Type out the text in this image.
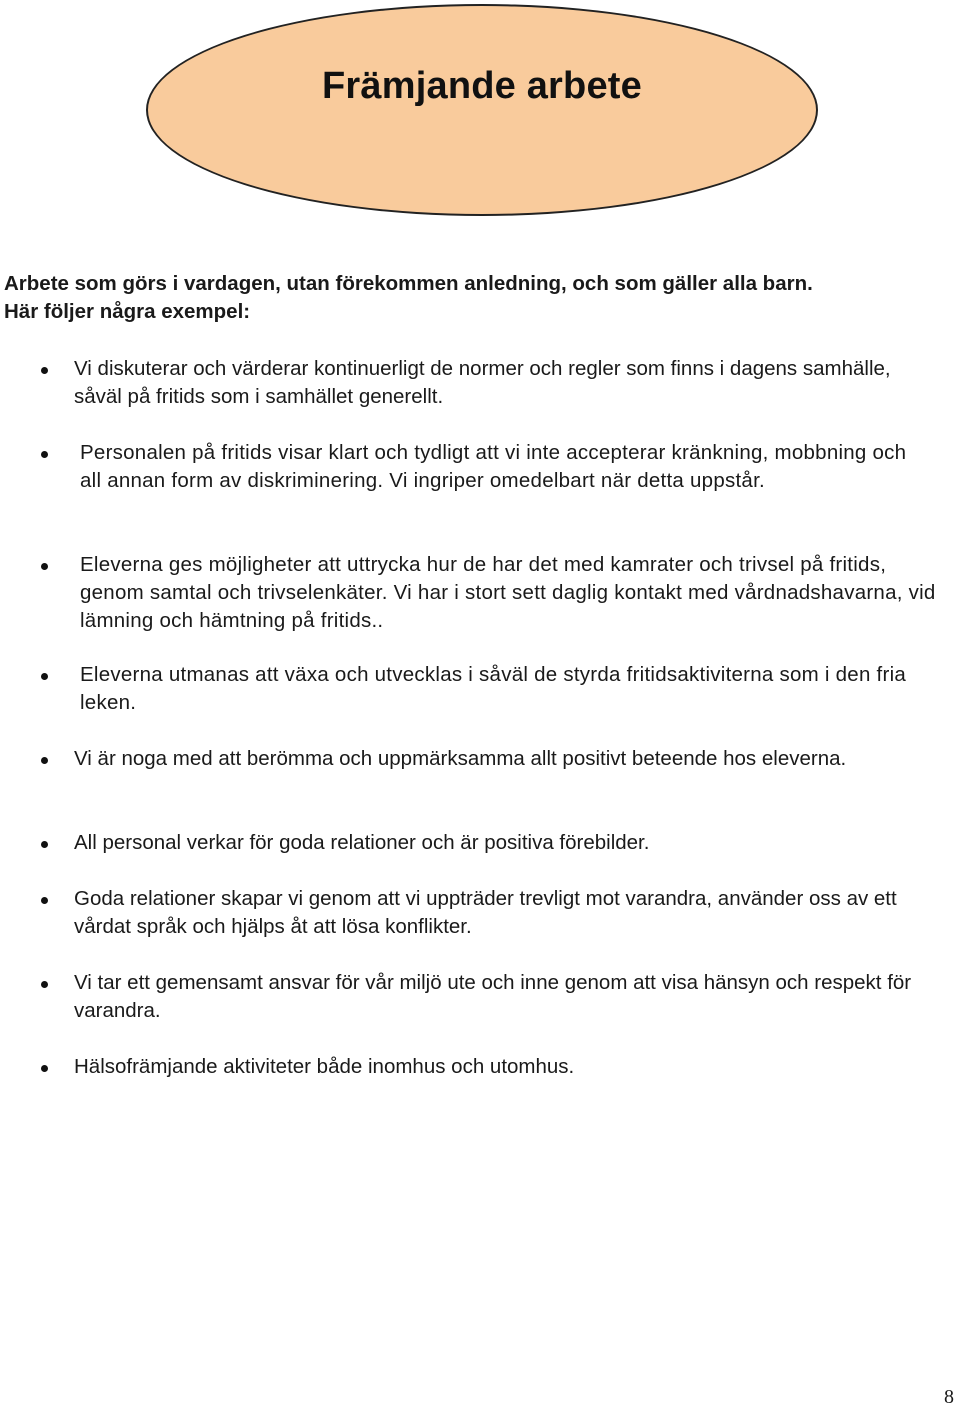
Främjande arbete

Arbete som görs i vardagen, utan förekommen anledning, och som gäller alla barn.
Här följer några exempel:

Vi diskuterar och värderar kontinuerligt de normer och regler som finns i dagens samhälle, såväl på fritids som i samhället generellt.

Personalen på fritids visar klart och tydligt att vi inte accepterar kränkning, mobbning och all annan form av diskriminering. Vi ingriper omedelbart när detta uppstår.

Eleverna ges möjligheter att uttrycka hur de har det med kamrater och trivsel på fritids, genom samtal och trivselenkäter. Vi har i stort sett daglig kontakt med vårdnadshavarna, vid lämning och hämtning på fritids..

Eleverna utmanas att växa och utvecklas i såväl de styrda fritidsaktiviterna som i den fria leken.

Vi är noga med att berömma och uppmärksamma allt positivt beteende hos eleverna.

All personal verkar för goda relationer och är positiva förebilder.

Goda relationer skapar vi genom att vi uppträder trevligt mot varandra, använder oss av ett vårdat språk och hjälps åt att lösa konflikter.

Vi tar ett gemensamt ansvar för vår miljö ute och inne genom att visa hänsyn och respekt för varandra.

Hälsofrämjande aktiviteter både inomhus och utomhus.

8
